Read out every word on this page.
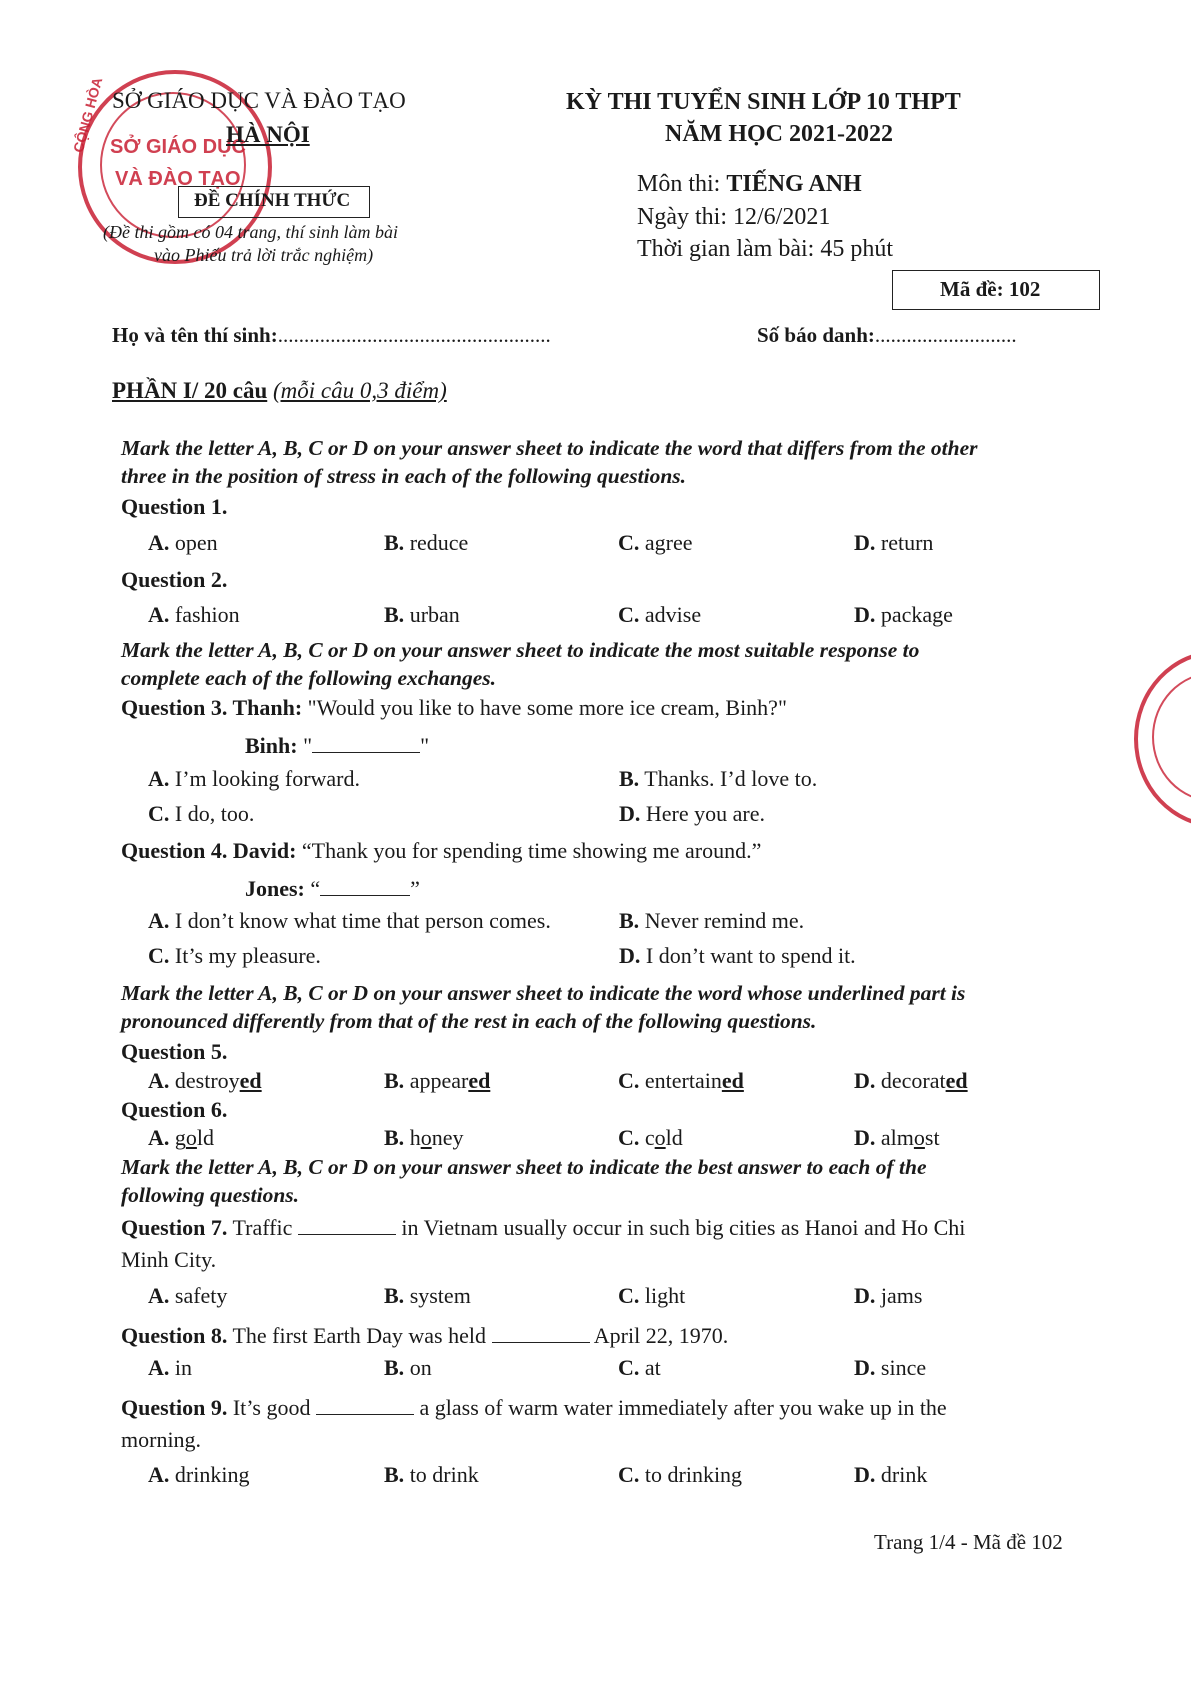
SỞ GIÁO DỤC
VÀ ĐÀO TẠO
CỘNG HÒA SỞ GIÁO DỤC VÀ ĐÀO TẠO
HÀ NỘI
ĐỀ CHÍNH THỨC
(Đề thi gồm có 04 trang, thí sinh làm bài
vào Phiếu trả lời trắc nghiệm)
KỲ THI TUYỂN SINH LỚP 10 THPT
NĂM HỌC 2021-2022
Môn thi: TIẾNG ANH
Ngày thi: 12/6/2021
Thời gian làm bài: 45 phút
Mã đề: 102
Họ và tên thí sinh:....................................................	Số báo danh:...........................
PHẦN I/ 20 câu (mỗi câu 0,3 điểm)
Mark the letter A, B, C or D on your answer sheet to indicate the word that differs from the other
three in the position of stress in each of the following questions.
Question 1.
A. open	B. reduce	C. agree	D. return
Question 2.
A. fashion	B. urban	C. advise	D. package
Mark the letter A, B, C or D on your answer sheet to indicate the most suitable response to
complete each of the following exchanges.
Question 3. Thanh: "Would you like to have some more ice cream, Binh?"
Binh: "	"
A. I’m looking forward.	B. Thanks. I’d love to.
C. I do, too.	D. Here you are.
Question 4. David: “Thank you for spending time showing me around.”
Jones: “	”
A. I don’t know what time that person comes.	B. Never remind me.
C. It’s my pleasure.	D. I don’t want to spend it.
Mark the letter A, B, C or D on your answer sheet to indicate the word whose underlined part is
pronounced differently from that of the rest in each of the following questions.
Question 5.
A. destroyed	B. appeared	C. entertained	D. decorated
Question 6.
A. gold	B. honey	C. cold	D. almost
Mark the letter A, B, C or D on your answer sheet to indicate the best answer to each of the
following questions.
Question 7. Traffic	in Vietnam usually occur in such big cities as Hanoi and Ho Chi
Minh City.
A. safety	B. system	C. light	D. jams
Question 8. The first Earth Day was held	April 22, 1970.
A. in	B. on	C. at	D. since
Question 9. It’s good	a glass of warm water immediately after you wake up in the
morning.
A. drinking	B. to drink	C. to drinking	D. drink
Trang 1/4 - Mã đề 102
